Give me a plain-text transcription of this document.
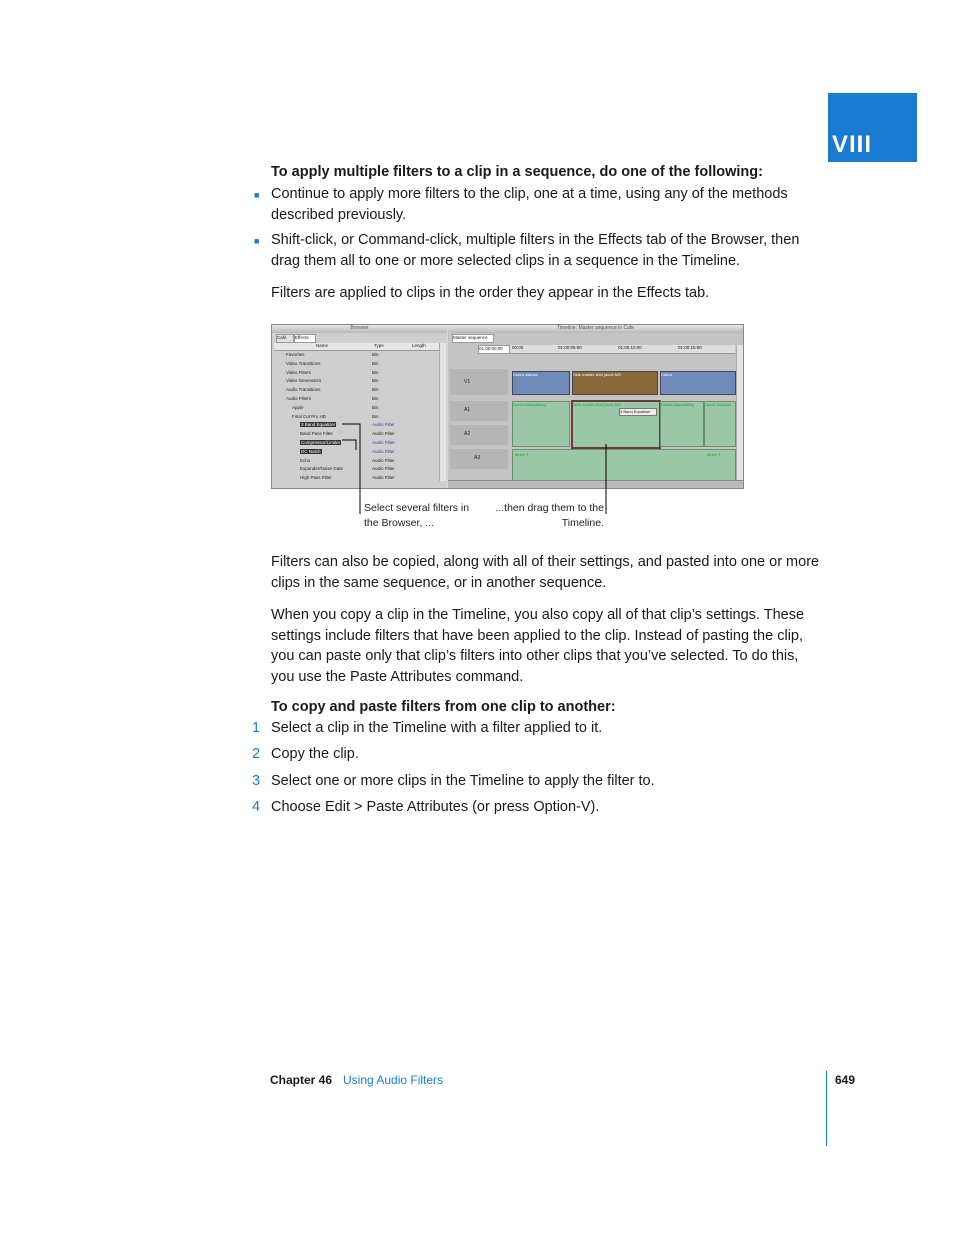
VIII
To apply multiple filters to a clip in a sequence, do one of the following:
■ Continue to apply more filters to the clip, one at a time, using any of the methods described previously.
■ Shift-click, or Command-click, multiple filters in the Effects tab of the Browser, then drag them all to one or more selected clips in a sequence in the Timeline.
Filters are applied to clips in the order they appear in the Effects tab.
Browser
Cafe	Effects
Name	Type	Length
Favorites	Bin
Video Transitions	Bin
Video Filters	Bin
Video Generators	Bin
Audio Transitions	Bin
Audio Filters	Bin
Apple	Bin
Final Cut Pro HD	Bin
3 Band Equalizer	Audio Filter
Band Pass Filter	Audio Filter
Compressor/Limiter	Audio Filter
DC Notch	Audio Filter
Echo	Audio Filter
Expander/Noise Gate	Audio Filter
High Pass Filter	Audio Filter
Timeline: Master sequence in Cafe
Master sequence
01:00:00:00	00:00	01:00:05:00	01:00:10:00	01:00:15:00
V1
A1
A2
A3
Debra sidewa	Side master shot jacob MS	Debra
Debra sidewalking	Side master shot jacob MS
3 Band Equalizer
Debra sidewalking	Jacob reaction
Music 1	Music 1
Select several filters in the Browser, ...
...then drag them to the Timeline.
Filters can also be copied, along with all of their settings, and pasted into one or more clips in the same sequence, or in another sequence.
When you copy a clip in the Timeline, you also copy all of that clip’s settings. These settings include filters that have been applied to the clip. Instead of pasting the clip, you can paste only that clip’s filters into other clips that you’ve selected. To do this, you use the Paste Attributes command.
To copy and paste filters from one clip to another:
1 Select a clip in the Timeline with a filter applied to it.
2 Copy the clip.
3 Select one or more clips in the Timeline to apply the filter to.
4 Choose Edit > Paste Attributes (or press Option-V).
Chapter 46 Using Audio Filters	649
